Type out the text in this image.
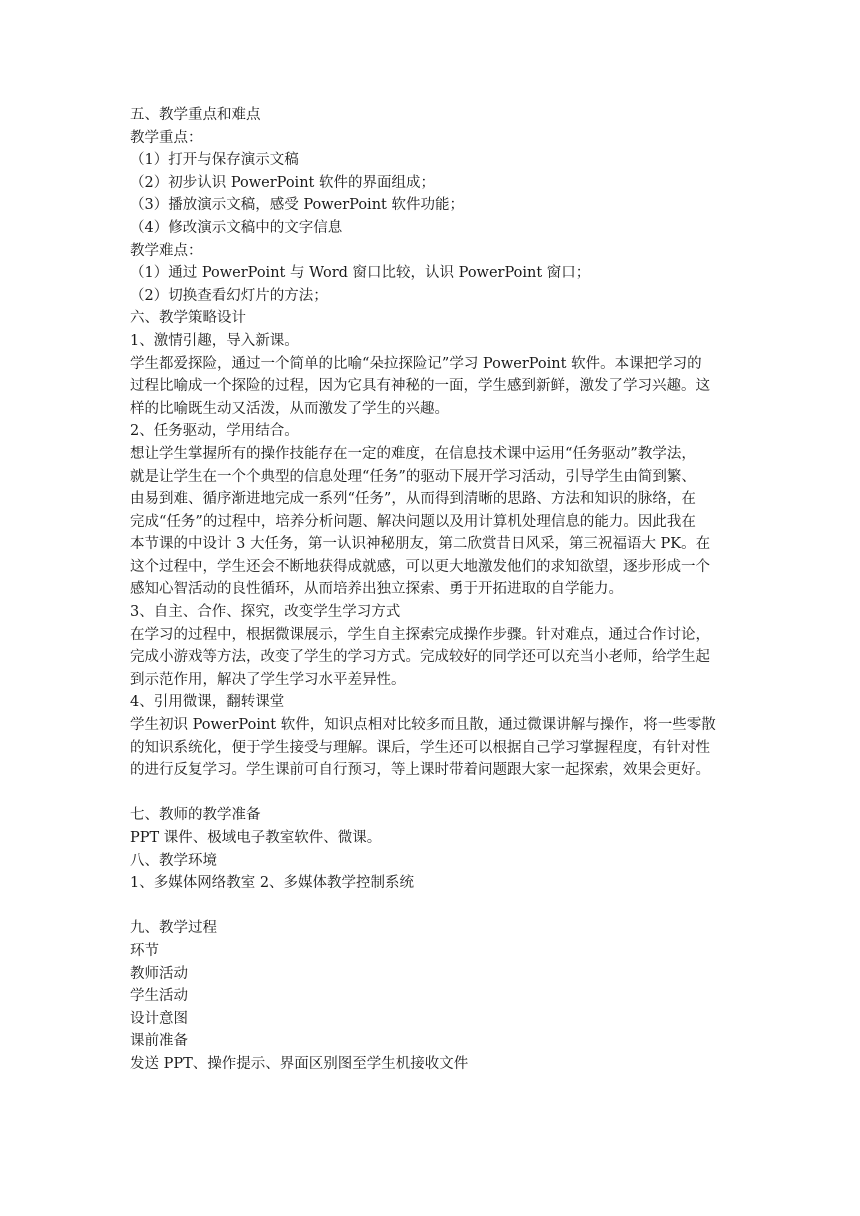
五、教学重点和难点
教学重点：
（1）打开与保存演示文稿
（2）初步认识 PowerPoint 软件的界面组成；
（3）播放演示文稿，感受 PowerPoint 软件功能；
（4）修改演示文稿中的文字信息
教学难点：
（1）通过 PowerPoint 与 Word 窗口比较，认识 PowerPoint 窗口；
（2）切换查看幻灯片的方法；
六、教学策略设计
1、激情引趣，导入新课。
学生都爱探险，通过一个简单的比喻“朵拉探险记”学习 PowerPoint 软件。本课把学习的
过程比喻成一个探险的过程，因为它具有神秘的一面，学生感到新鲜，激发了学习兴趣。这
样的比喻既生动又活泼，从而激发了学生的兴趣。
2、任务驱动，学用结合。
想让学生掌握所有的操作技能存在一定的难度，在信息技术课中运用“任务驱动”教学法，
就是让学生在一个个典型的信息处理“任务”的驱动下展开学习活动，引导学生由简到繁、
由易到难、循序渐进地完成一系列“任务”，从而得到清晰的思路、方法和知识的脉络，在
完成“任务”的过程中，培养分析问题、解决问题以及用计算机处理信息的能力。因此我在
本节课的中设计 3 大任务，第一认识神秘朋友，第二欣赏昔日风采，第三祝福语大 PK。在
这个过程中，学生还会不断地获得成就感，可以更大地激发他们的求知欲望，逐步形成一个
感知心智活动的良性循环，从而培养出独立探索、勇于开拓进取的自学能力。
3、自主、合作、探究，改变学生学习方式
在学习的过程中，根据微课展示，学生自主探索完成操作步骤。针对难点，通过合作讨论，
完成小游戏等方法，改变了学生的学习方式。完成较好的同学还可以充当小老师，给学生起
到示范作用，解决了学生学习水平差异性。
4、引用微课，翻转课堂
学生初识 PowerPoint 软件，知识点相对比较多而且散，通过微课讲解与操作，将一些零散
的知识系统化，便于学生接受与理解。课后，学生还可以根据自己学习掌握程度，有针对性
的进行反复学习。学生课前可自行预习，等上课时带着问题跟大家一起探索，效果会更好。
七、教师的教学准备
PPT 课件、极域电子教室软件、微课。
八、教学环境
1、多媒体网络教室 2、多媒体教学控制系统
九、教学过程
环节
教师活动
学生活动
设计意图
课前准备
发送 PPT、操作提示、界面区别图至学生机接收文件
